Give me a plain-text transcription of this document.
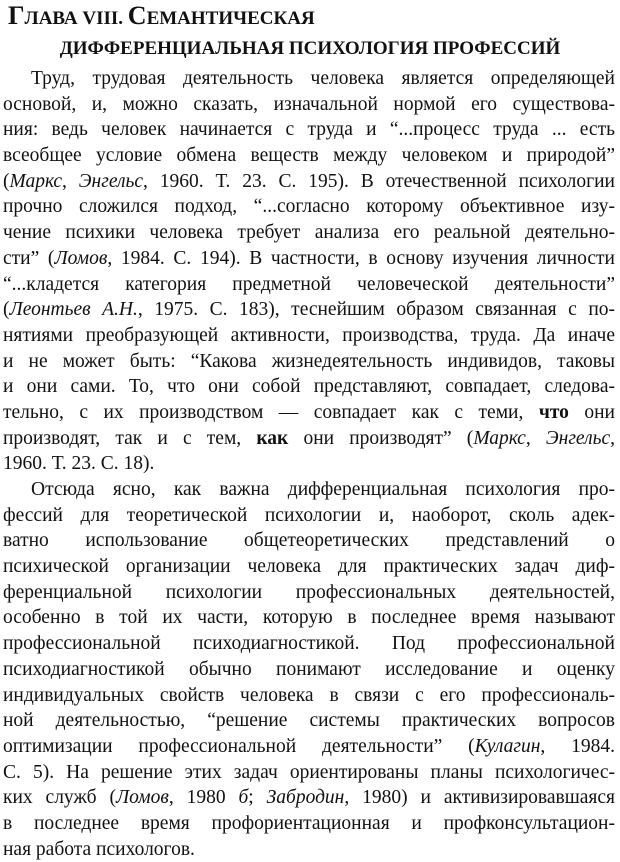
ГЛАВА VIII. СЕМАНТИЧЕСКАЯ
ДИФФЕРЕНЦИАЛЬНАЯ ПСИХОЛОГИЯ ПРОФЕССИЙ
Труд, трудовая деятельность человека является определяющей
основой, и, можно сказать, изначальной нормой его существова-
ния: ведь человек начинается с труда и “...процесс труда ... есть
всеобщее условие обмена веществ между человеком и природой”
(Маркс, Энгельс, 1960. Т. 23. С. 195). В отечественной психологии
прочно сложился подход, “...согласно которому объективное изу-
чение психики человека требует анализа его реальной деятельно-
сти” (Ломов, 1984. С. 194). В частности, в основу изучения личности
“...кладется категория предметной человеческой деятельности”
(Леонтьев А.Н., 1975. С. 183), теснейшим образом связанная с по-
нятиями преобразующей активности, производства, труда. Да иначе
и не может быть: “Какова жизнедеятельность индивидов, таковы
и они сами. То, что они собой представляют, совпадает, следова-
тельно, с их производством — совпадает как с теми, что они
производят, так и с тем, как они производят” (Маркс, Энгельс,
1960. Т. 23. С. 18).
Отсюда ясно, как важна дифференциальная психология про-
фессий для теоретической психологии и, наоборот, сколь адек-
ватно использование общетеоретических представлений о
психической организации человека для практических задач диф-
ференциальной психологии профессиональных деятельностей,
особенно в той их части, которую в последнее время называют
профессиональной психодиагностикой. Под профессиональной
психодиагностикой обычно понимают исследование и оценку
индивидуальных свойств человека в связи с его профессиональ-
ной деятельностью, “решение системы практических вопросов
оптимизации профессиональной деятельности” (Кулагин, 1984.
С. 5). На решение этих задач ориентированы планы психологичес-
ких служб (Ломов, 1980 б; Забродин, 1980) и активизировавшаяся
в последнее время профориентационная и профконсультацион-
ная работа психологов.
